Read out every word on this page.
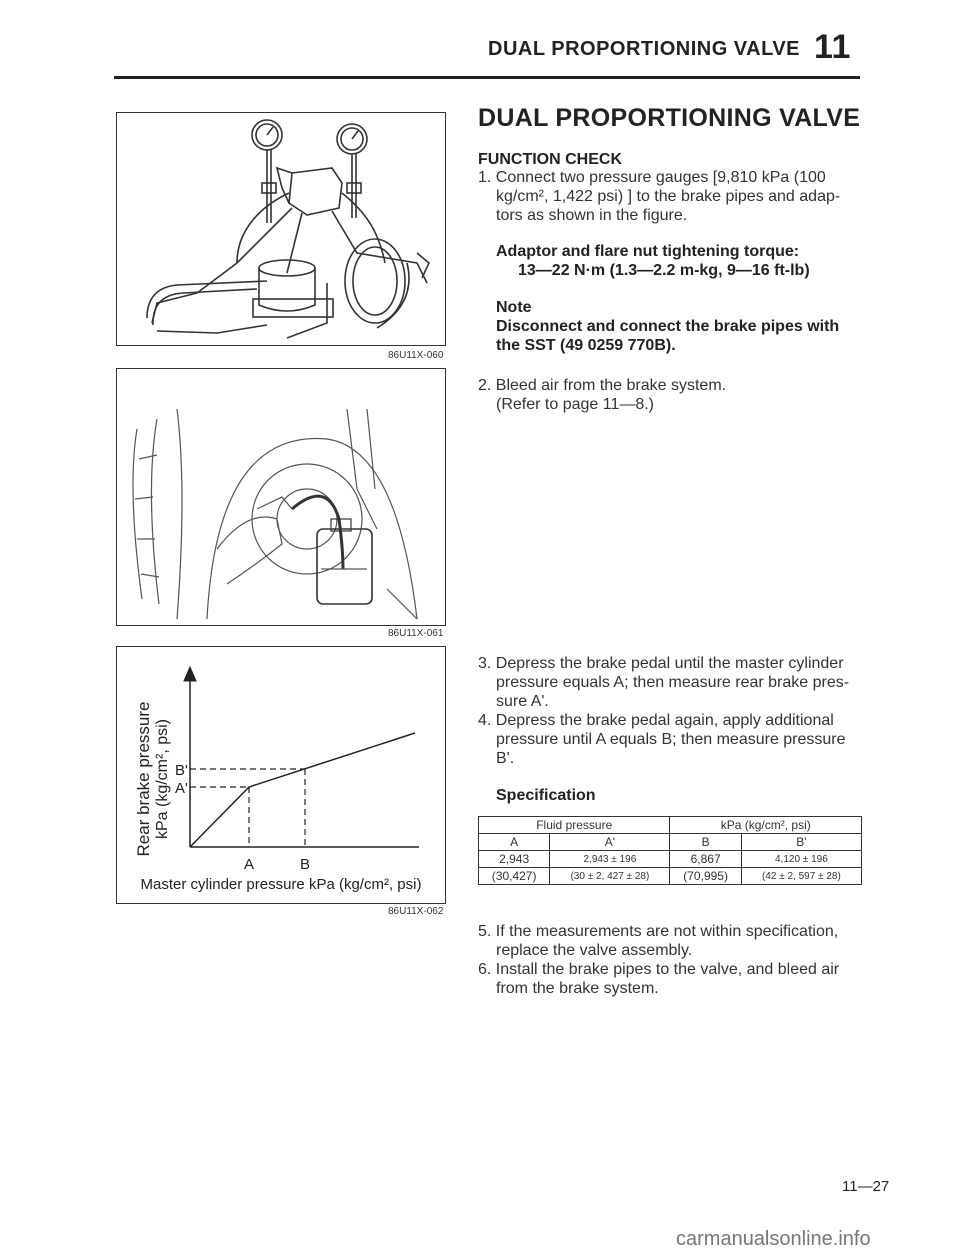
DUAL PROPORTIONING VALVE 11
86U11X-060
86U11X-061
Rear brake pressure kPa (kg/cm², psi) B'
A'
A	B
Master cylinder pressure kPa (kg/cm², psi)
86U11X-062
DUAL PROPORTIONING VALVE
FUNCTION CHECK
1. Connect two pressure gauges [9,810 kPa (100
kg/cm², 1,422 psi) ] to the brake pipes and adap-
tors as shown in the figure.
Adaptor and flare nut tightening torque:
13—22 N·m (1.3—2.2 m-kg, 9—16 ft-lb)
Note
Disconnect and connect the brake pipes with
the SST (49 0259 770B).
2. Bleed air from the brake system.
(Refer to page 11—8.)
3. Depress the brake pedal until the master cylinder
pressure equals A; then measure rear brake pres-
sure A'.
4. Depress the brake pedal again, apply additional
pressure until A equals B; then measure pressure
B'.
Specification
Fluid pressure		kPa (kg/cm², psi)	
A	A'	B	B'
2,943	2,943 ± 196	6,867	4,120 ± 196
(30,427)	(30 ± 2, 427 ± 28)	(70,995)	(42 ± 2, 597 ± 28)
5. If the measurements are not within specification,
replace the valve assembly.
6. Install the brake pipes to the valve, and bleed air
from the brake system.
11—27
carmanualsonline.info
